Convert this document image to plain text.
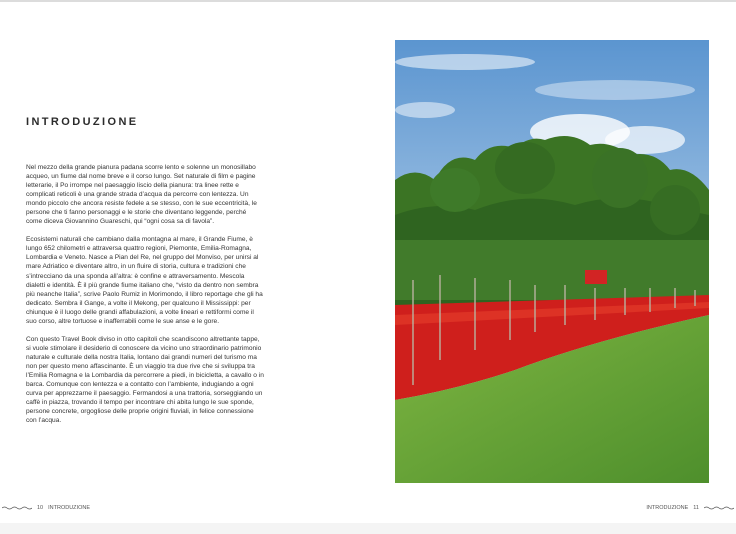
INTRODUZIONE

Nel mezzo della grande pianura padana scorre lento e solenne un monosillabo acqueo, un fiume dal nome breve e il corso lungo. Set naturale di film e pagine letterarie, il Po irrompe nel paesaggio liscio della pianura: tra linee rette e complicati reticoli è una grande strada d’acqua da percorre con lentezza. Un mondo piccolo che ancora resiste fedele a se stesso, con le sue eccentricità, le persone che ti fanno personaggi e le storie che diventano leggende, perché come diceva Giovannino Guareschi, qui “ogni cosa sa di favola”.

Ecosistemi naturali che cambiano dalla montagna al mare, il Grande Fiume, è lungo 652 chilometri e attraversa quattro regioni, Piemonte, Emilia-Romagna, Lombardia e Veneto. Nasce a Pian del Re, nel gruppo del Monviso, per unirsi al mare Adriatico e diventare altro, in un fluire di storia, cultura e tradizioni che s’intrecciano da una sponda all’altra: è confine e attraversamento. Mescola dialetti e identità. È il più grande fiume italiano che, “visto da dentro non sembra più neanche Italia”, scrive Paolo Rumiz in Morimondo, il libro reportage che gli ha dedicato. Sembra il Gange, a volte il Mekong, per qualcuno il Mississippi: per chiunque è il luogo delle grandi affabulazioni, a volte lineari e rettiformi come il suo corso, altre tortuose e inafferrabili come le sue anse e le gore.

Con questo Travel Book diviso in otto capitoli che scandiscono altrettante tappe, si vuole stimolare il desiderio di conoscere da vicino uno straordinario patrimonio naturale e culturale della nostra Italia, lontano dai grandi numeri del turismo ma non per questo meno affascinante. È un viaggio tra due rive che si sviluppa tra l’Emilia Romagna e la Lombardia da percorrere a piedi, in bicicletta, a cavallo o in barca. Comunque con lentezza e a contatto con l’ambiente, indugiando a ogni curva per apprezzarne il paesaggio. Fermandosi a una trattoria, sorseggiando un caffè in piazza, trovando il tempo per incontrare chi abita lungo le sue sponde, persone concrete, orgogliose delle proprie origini fluviali, in felice connessione con l’acqua.

10 INTRODUZIONE	INTRODUZIONE 11
